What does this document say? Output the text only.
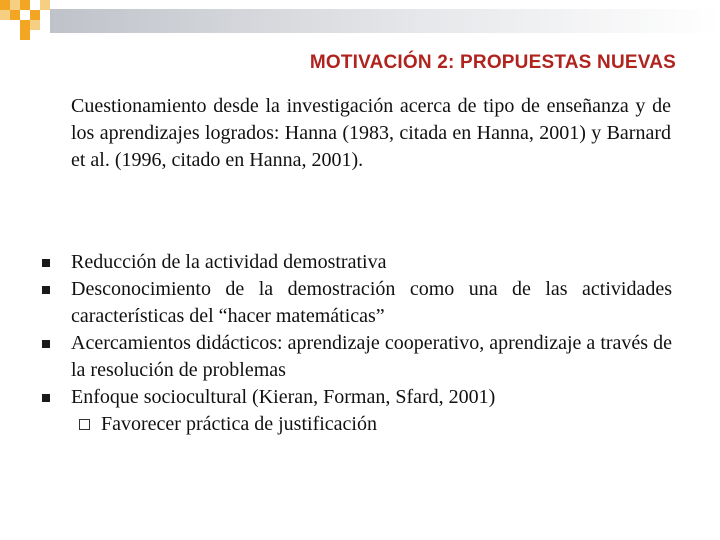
MOTIVACIÓN 2: PROPUESTAS NUEVAS
Cuestionamiento desde la investigación acerca de tipo de enseñanza y de los aprendizajes logrados: Hanna (1983, citada en Hanna, 2001) y Barnard et al. (1996, citado en Hanna, 2001).
Reducción de la actividad demostrativa
Desconocimiento de la demostración como una de las actividades características del “hacer matemáticas”
Acercamientos didácticos: aprendizaje cooperativo, aprendizaje a través de la resolución de problemas
Enfoque sociocultural (Kieran, Forman, Sfard, 2001)
Favorecer práctica de justificación
